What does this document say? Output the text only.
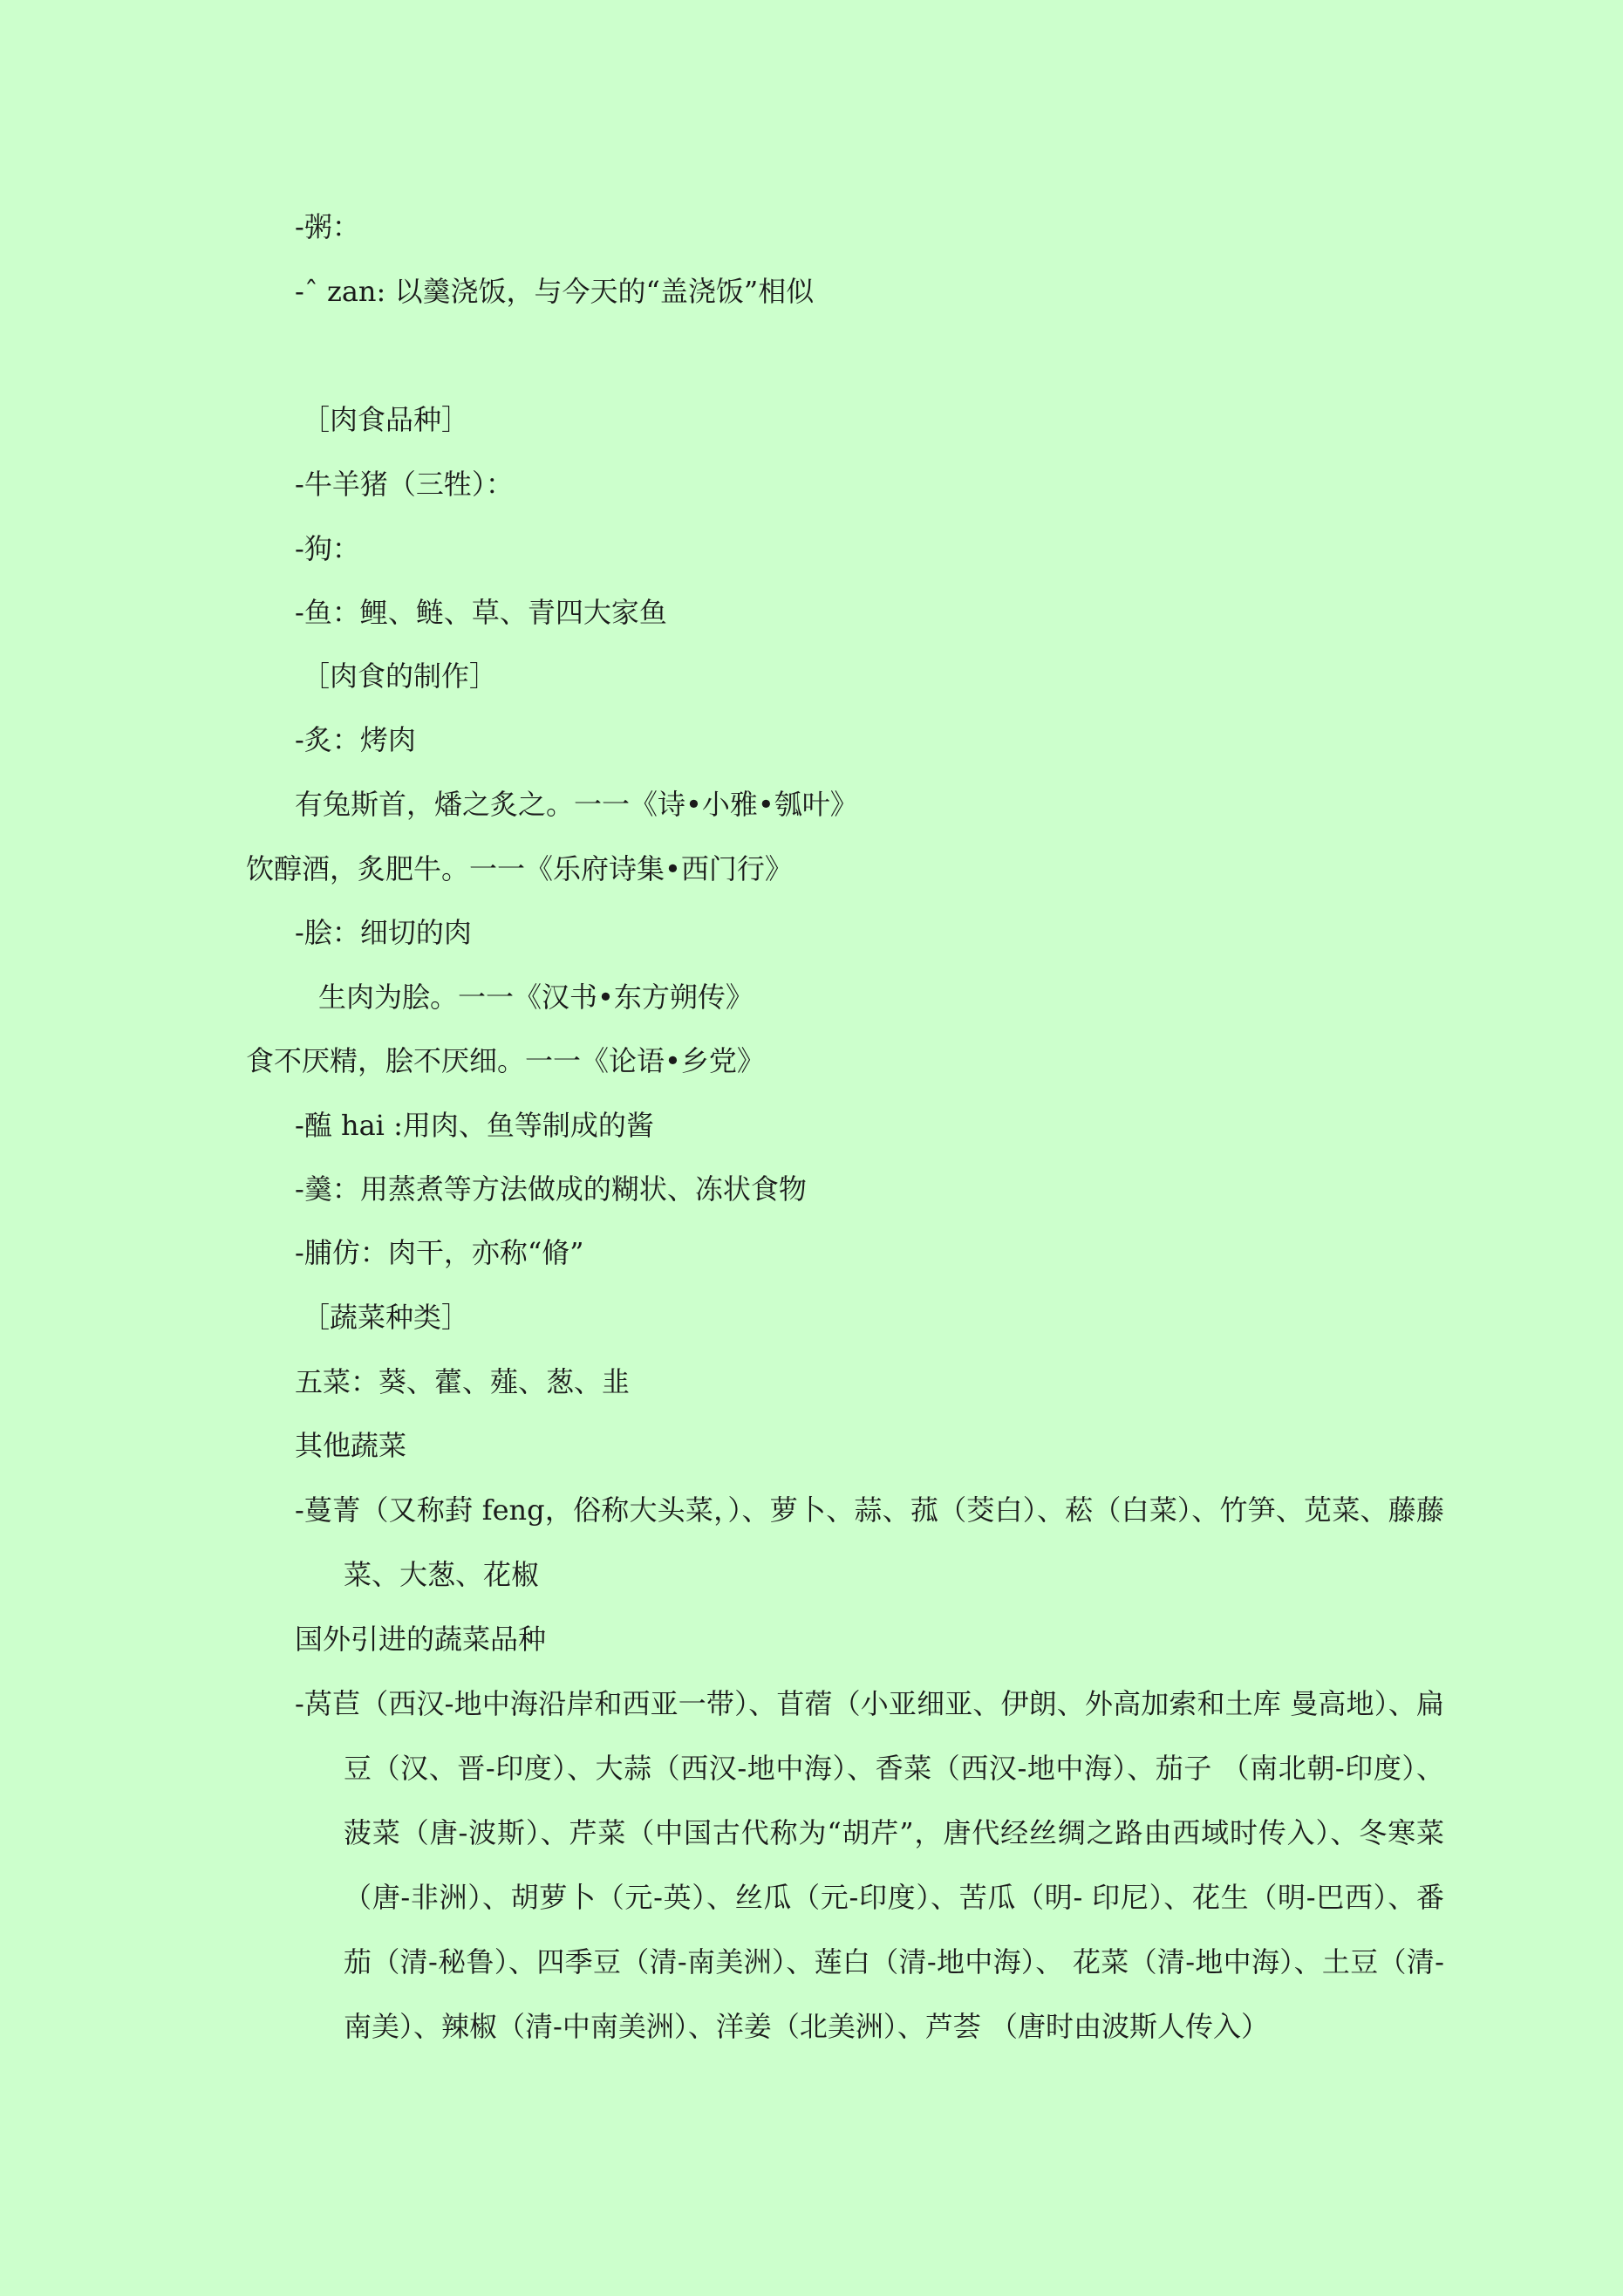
-粥：
-ˆ zan: 以羹浇饭，与今天的“盖浇饭”相似
［肉食品种］
-牛羊猪（三牲）：
-狗：
-鱼：鲤、鲢、草、青四大家鱼
［肉食的制作］
-炙：烤肉
有兔斯首，燔之炙之。一一《诗•小雅•瓠叶》
饮醇酒，炙肥牛。一一《乐府诗集•西门行》
-脍：细切的肉
生肉为脍。一一《汉书•东方朔传》
食不厌精，脍不厌细。一一《论语•乡党》
-醢 hai :用肉、鱼等制成的酱
-羹：用蒸煮等方法做成的糊状、冻状食物
-脯仿：肉干，亦称“脩”
［蔬菜种类］
五菜：葵、藿、薤、葱、韭
其他蔬菜
-蔓菁（又称葑 feng，俗称大头菜，）、萝卜、蒜、菰（茭白）、菘（白菜）、竹笋、苋菜、藤藤菜、大葱、花椒
国外引进的蔬菜品种
-莴苣（西汉-地中海沿岸和西亚一带）、苜蓿（小亚细亚、伊朗、外高加索和土库 曼高地）、扁豆（汉、晋-印度）、大蒜（西汉-地中海）、香菜（西汉-地中海）、茄子 （南北朝-印度）、菠菜（唐-波斯）、芹菜（中国古代称为“胡芹”，唐代经丝绸之路由西域时传入）、冬寒菜（唐-非洲）、胡萝卜（元-英）、丝瓜（元-印度）、苦瓜（明- 印尼）、花生（明-巴西）、番茄（清-秘鲁）、四季豆（清-南美洲）、莲白（清-地中海）、 花菜（清-地中海）、土豆（清-南美）、辣椒（清-中南美洲）、洋姜（北美洲）、芦荟 （唐时由波斯人传入）
